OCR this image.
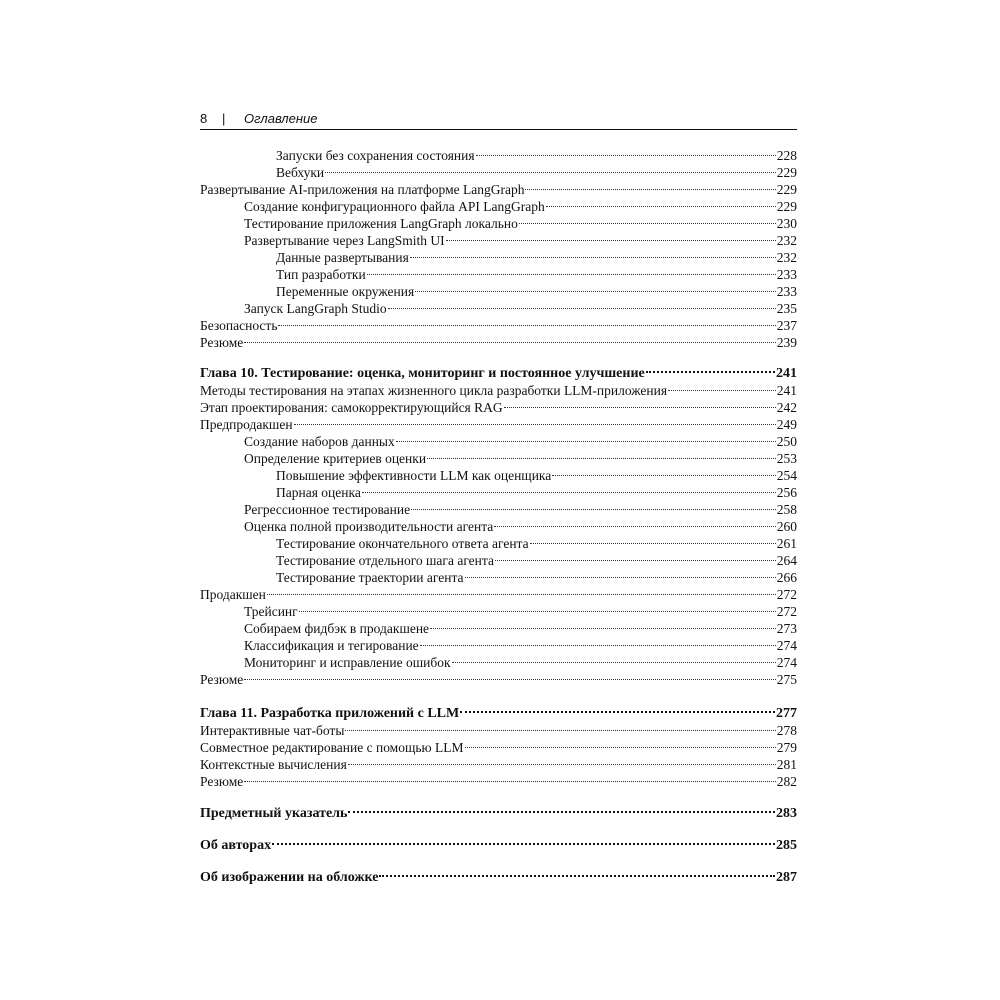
8 | Оглавление
Запуски без сохранения состояния	228
Вебхуки	229
Развертывание AI-приложения на платформе LangGraph	229
Создание конфигурационного файла API LangGraph	229
Тестирование приложения LangGraph локально	230
Развертывание через LangSmith UI	232
Данные развертывания	232
Тип разработки	233
Переменные окружения	233
Запуск LangGraph Studio	235
Безопасность	237
Резюме	239
Глава 10. Тестирование: оценка, мониторинг и постоянное улучшение	241
Методы тестирования на этапах жизненного цикла разработки LLM-приложения	241
Этап проектирования: самокорректирующийся RAG	242
Предпродакшен	249
Создание наборов данных	250
Определение критериев оценки	253
Повышение эффективности LLM как оценщика	254
Парная оценка	256
Регрессионное тестирование	258
Оценка полной производительности агента	260
Тестирование окончательного ответа агента	261
Тестирование отдельного шага агента	264
Тестирование траектории агента	266
Продакшен	272
Трейсинг	272
Собираем фидбэк в продакшене	273
Классификация и тегирование	274
Мониторинг и исправление ошибок	274
Резюме	275
Глава 11. Разработка приложений с LLM	277
Интерактивные чат-боты	278
Совместное редактирование с помощью LLM	279
Контекстные вычисления	281
Резюме	282
Предметный указатель	283
Об авторах	285
Об изображении на обложке	287
